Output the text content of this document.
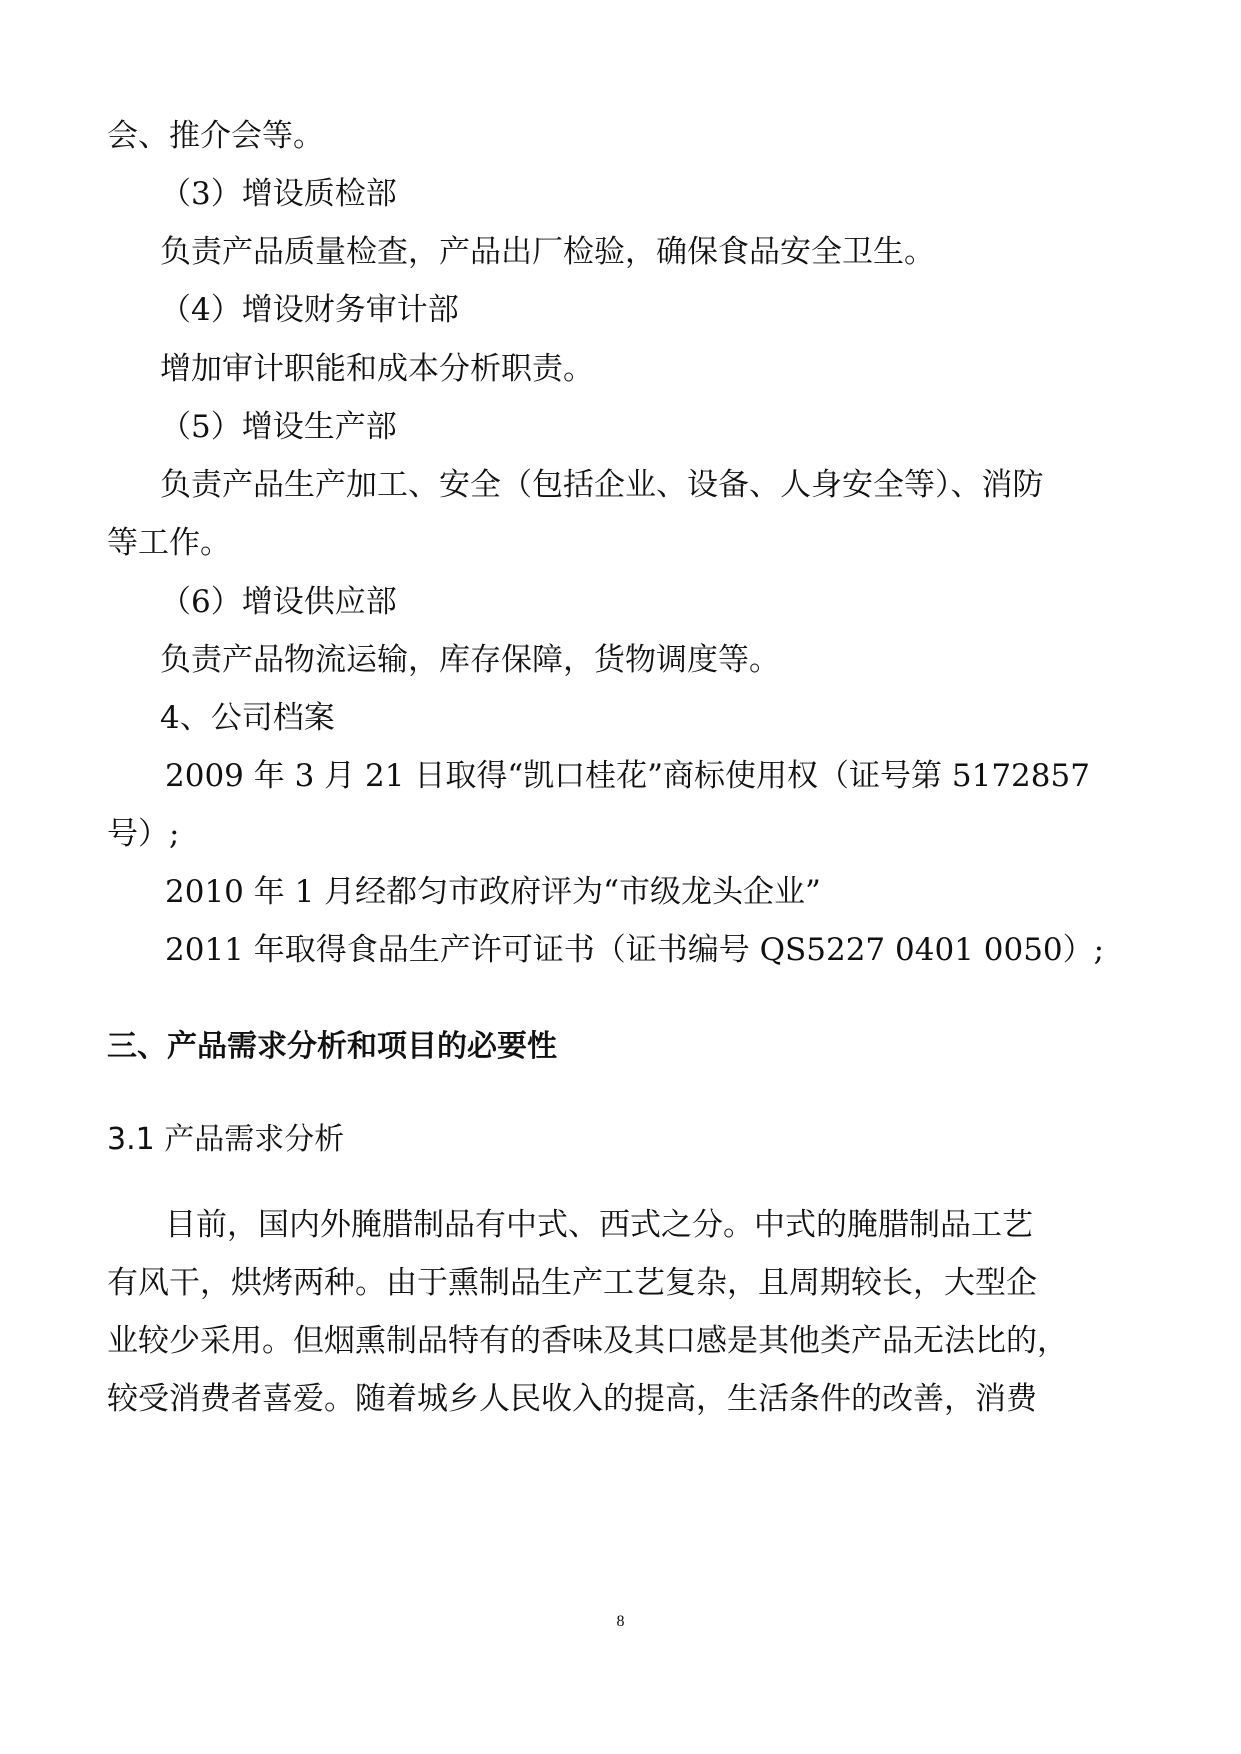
会、推介会等。
（3）增设质检部
负责产品质量检查，产品出厂检验，确保食品安全卫生。
（4）增设财务审计部
增加审计职能和成本分析职责。
（5）增设生产部
负责产品生产加工、安全（包括企业、设备、人身安全等）、消防
等工作。
（6）增设供应部
负责产品物流运输，库存保障，货物调度等。
4、公司档案
2009 年 3 月 21 日取得“凯口桂花”商标使用权（证号第 5172857
号）;
2010 年 1 月经都匀市政府评为“市级龙头企业”
2011 年取得食品生产许可证书（证书编号 QS5227 0401 0050）;
三、产品需求分析和项目的必要性
3.1 产品需求分析
目前，国内外腌腊制品有中式、西式之分。中式的腌腊制品工艺
有风干，烘烤两种。由于熏制品生产工艺复杂，且周期较长，大型企
业较少采用。但烟熏制品特有的香味及其口感是其他类产品无法比的，
较受消费者喜爱。随着城乡人民收入的提高，生活条件的改善，消费
8
